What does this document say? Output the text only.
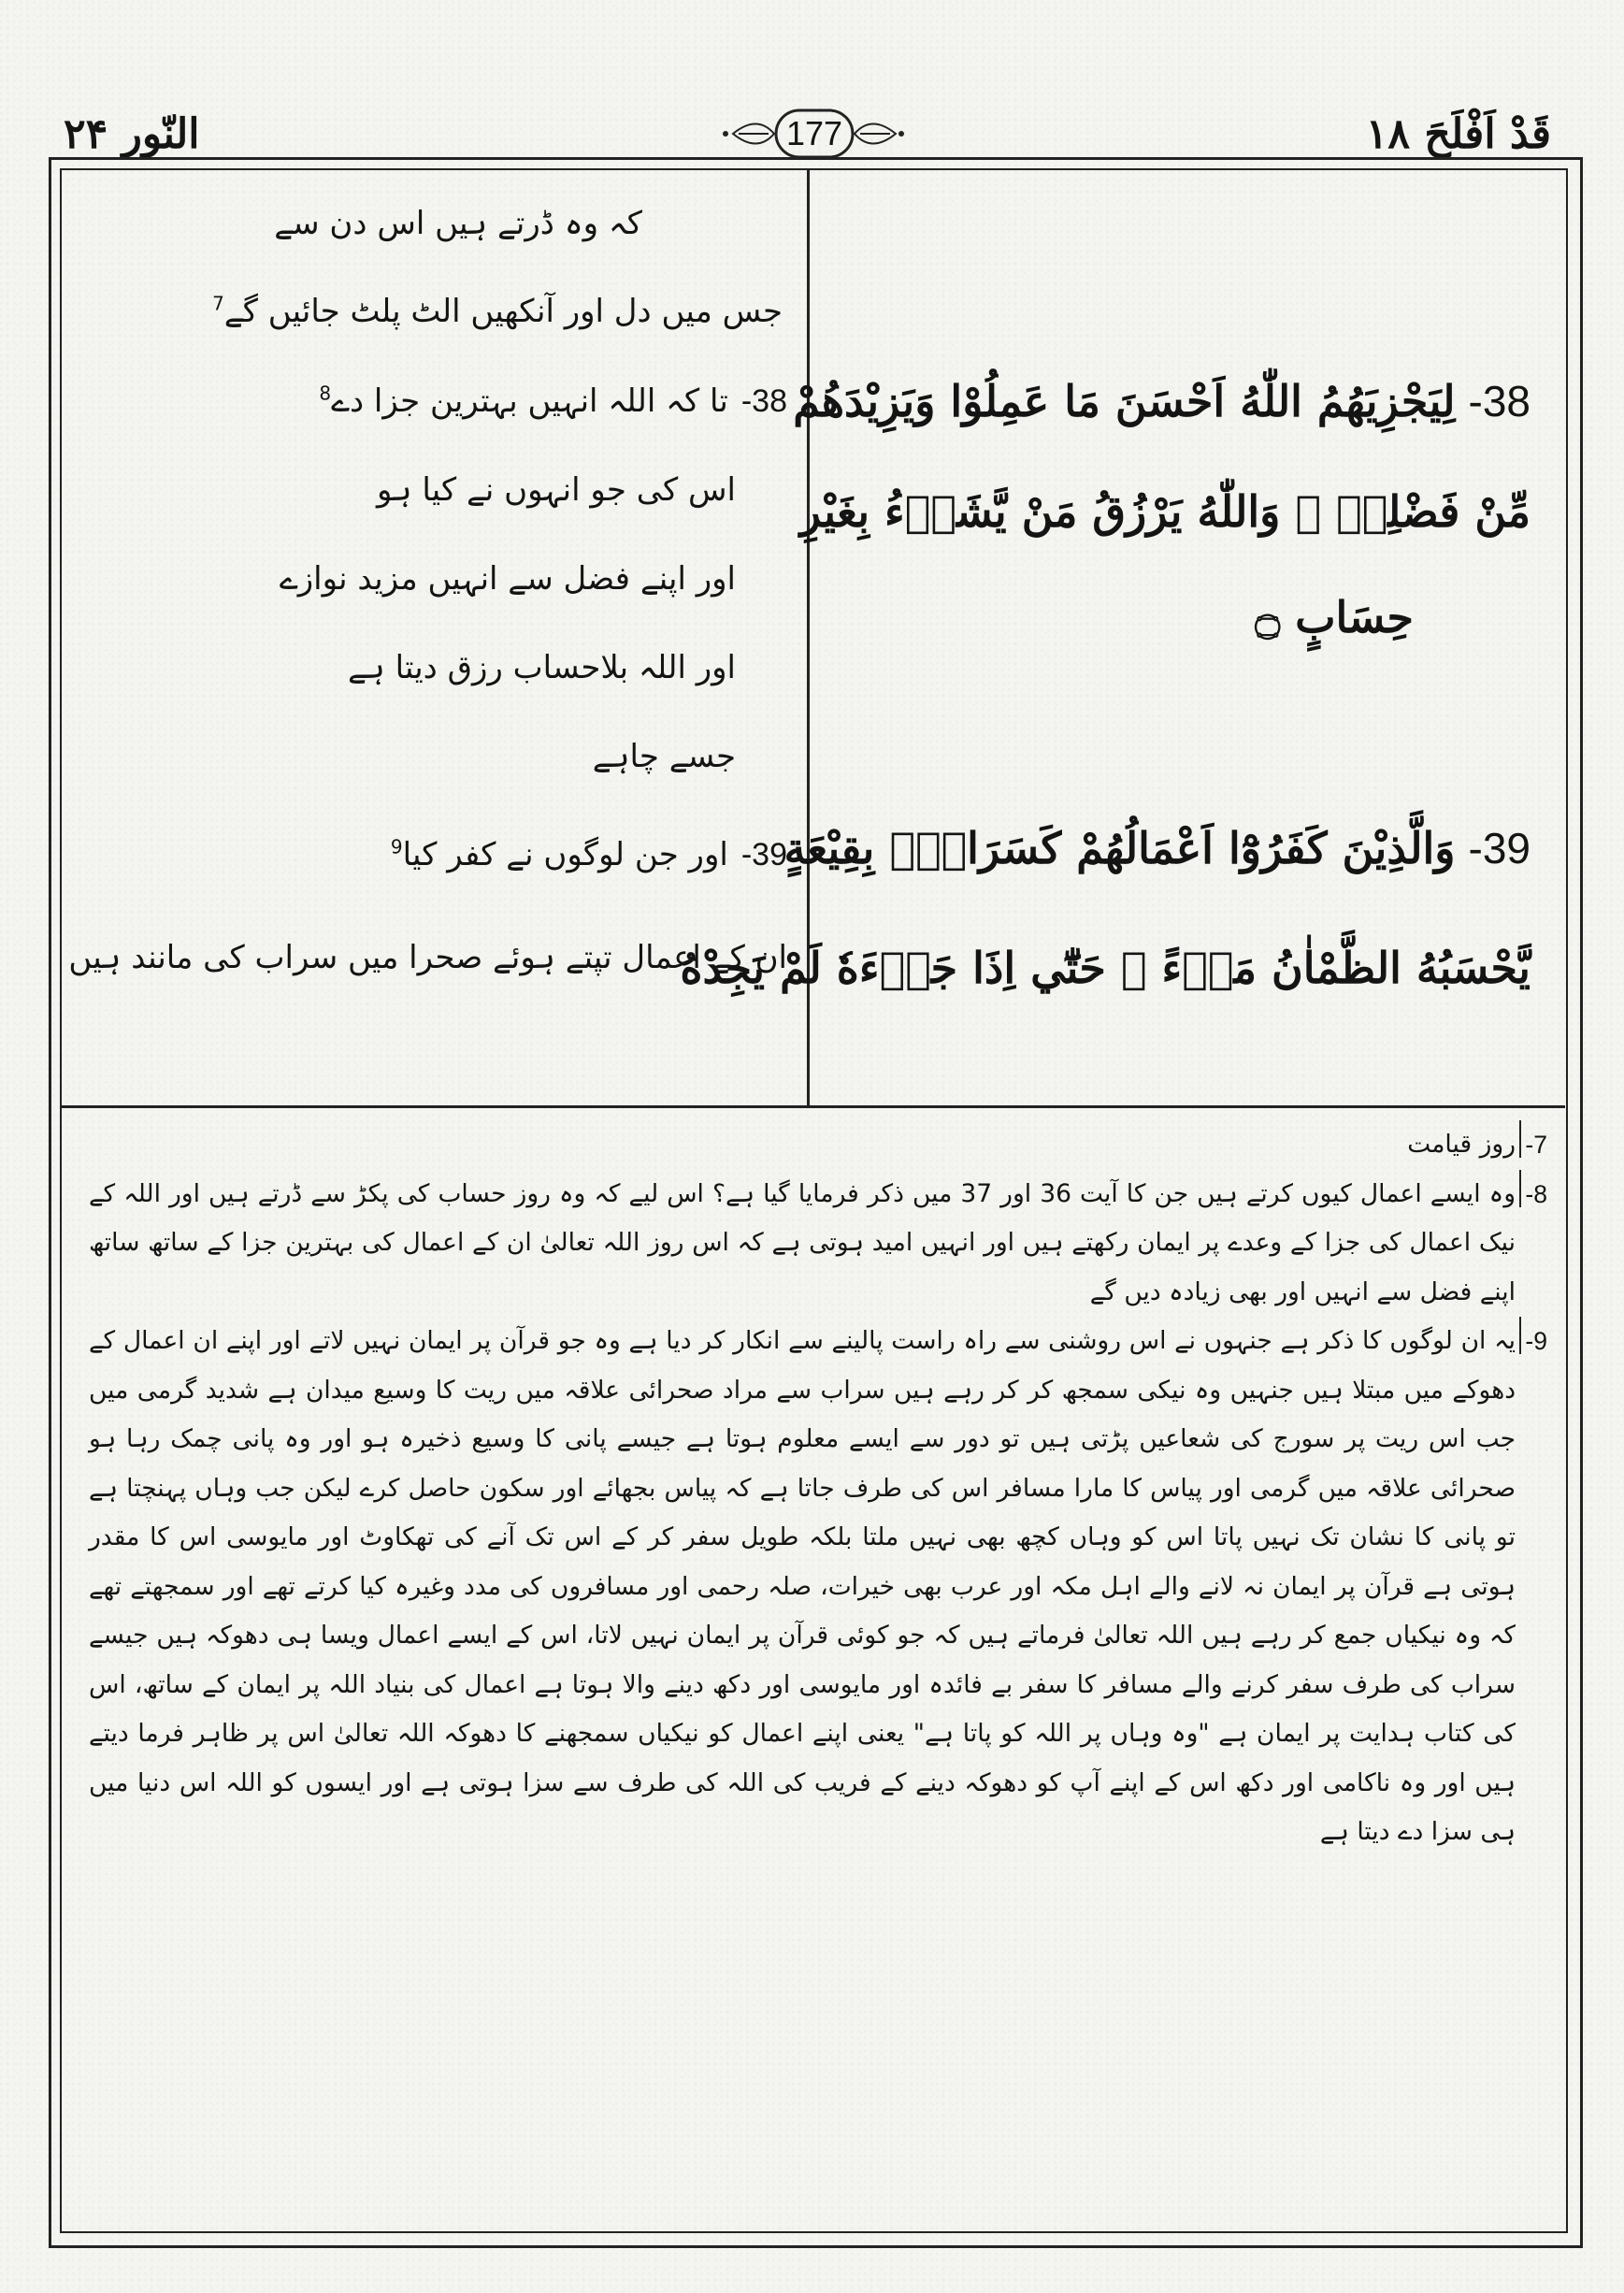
النّور ۲۴	قَدْ اَفْلَحَ ۱۸
177
کہ وہ ڈرتے ہیں اس دن سے
جس میں دل اور آنکھیں الٹ پلٹ جائیں گے$^7$
38-تا کہ اللہ انہیں بہترین جزا دے$^8$
اس کی جو انہوں نے کیا ہو
اور اپنے فضل سے انہیں مزید نوازے
اور اللہ بلاحساب رزق دیتا ہے
جسے چاہے
39-اور جن لوگوں نے کفر کیا$^9$
ان کے اعمال تپتے ہوئے صحرا میں سراب کی مانند ہیں
38-لِيَجْزِيَهُمُ اللّٰهُ اَحْسَنَ مَا عَمِلُوْا وَيَزِيْدَهُمْ
مِّنْ فَضْلِهٖ ۭ وَاللّٰهُ يَرْزُقُ مَنْ يَّشَاۗءُ بِغَيْرِ
حِسَابٍ ۝
39-وَالَّذِيْنَ كَفَرُوْٓا اَعْمَالُهُمْ كَسَرَابٍۢ بِقِيْعَةٍ
يَّحْسَبُهُ الظَّمْاٰنُ مَاۗءً ۭ حَتّٰٓي اِذَا جَاۗءَهٗ لَمْ يَجِدْهُ
7-
روز قیامت
8-
وہ ایسے اعمال کیوں کرتے ہیں جن کا آیت 36 اور 37 میں ذکر فرمایا گیا ہے؟ اس لیے کہ وہ روز حساب کی پکڑ سے ڈرتے ہیں اور اللہ کے نیک اعمال کی جزا کے وعدے پر ایمان رکھتے ہیں اور انہیں امید ہوتی ہے کہ اس روز اللہ تعالیٰ ان کے اعمال کی بہترین جزا کے ساتھ ساتھ اپنے فضل سے انہیں اور بھی زیادہ دیں گے
9-
یہ ان لوگوں کا ذکر ہے جنہوں نے اس روشنی سے راہ راست پالینے سے انکار کر دیا ہے وہ جو قرآن پر ایمان نہیں لاتے اور اپنے ان اعمال کے دھوکے میں مبتلا ہیں جنہیں وہ نیکی سمجھ کر کر رہے ہیں سراب سے مراد صحرائی علاقہ میں ریت کا وسیع میدان ہے شدید گرمی میں جب اس ریت پر سورج کی شعاعیں پڑتی ہیں تو دور سے ایسے معلوم ہوتا ہے جیسے پانی کا وسیع ذخیرہ ہو اور وہ پانی چمک رہا ہو صحرائی علاقہ میں گرمی اور پیاس کا مارا مسافر اس کی طرف جاتا ہے کہ پیاس بجھائے اور سکون حاصل کرے لیکن جب وہاں پہنچتا ہے تو پانی کا نشان تک نہیں پاتا اس کو وہاں کچھ بھی نہیں ملتا بلکہ طویل سفر کر کے اس تک آنے کی تھکاوٹ اور مایوسی اس کا مقدر ہوتی ہے قرآن پر ایمان نہ لانے والے اہل مکہ اور عرب بھی خیرات، صلہ رحمی اور مسافروں کی مدد وغیرہ کیا کرتے تھے اور سمجھتے تھے کہ وہ نیکیاں جمع کر رہے ہیں اللہ تعالیٰ فرماتے ہیں کہ جو کوئی قرآن پر ایمان نہیں لاتا، اس کے ایسے اعمال ویسا ہی دھوکہ ہیں جیسے سراب کی طرف سفر کرنے والے مسافر کا سفر بے فائدہ اور مایوسی اور دکھ دینے والا ہوتا ہے اعمال کی بنیاد اللہ پر ایمان کے ساتھ، اس کی کتاب ہدایت پر ایمان ہے "وہ وہاں پر اللہ کو پاتا ہے" یعنی اپنے اعمال کو نیکیاں سمجھنے کا دھوکہ اللہ تعالیٰ اس پر ظاہر فرما دیتے ہیں اور وہ ناکامی اور دکھ اس کے اپنے آپ کو دھوکہ دینے کے فریب کی اللہ کی طرف سے سزا ہوتی ہے اور ایسوں کو اللہ اس دنیا میں ہی سزا دے دیتا ہے
